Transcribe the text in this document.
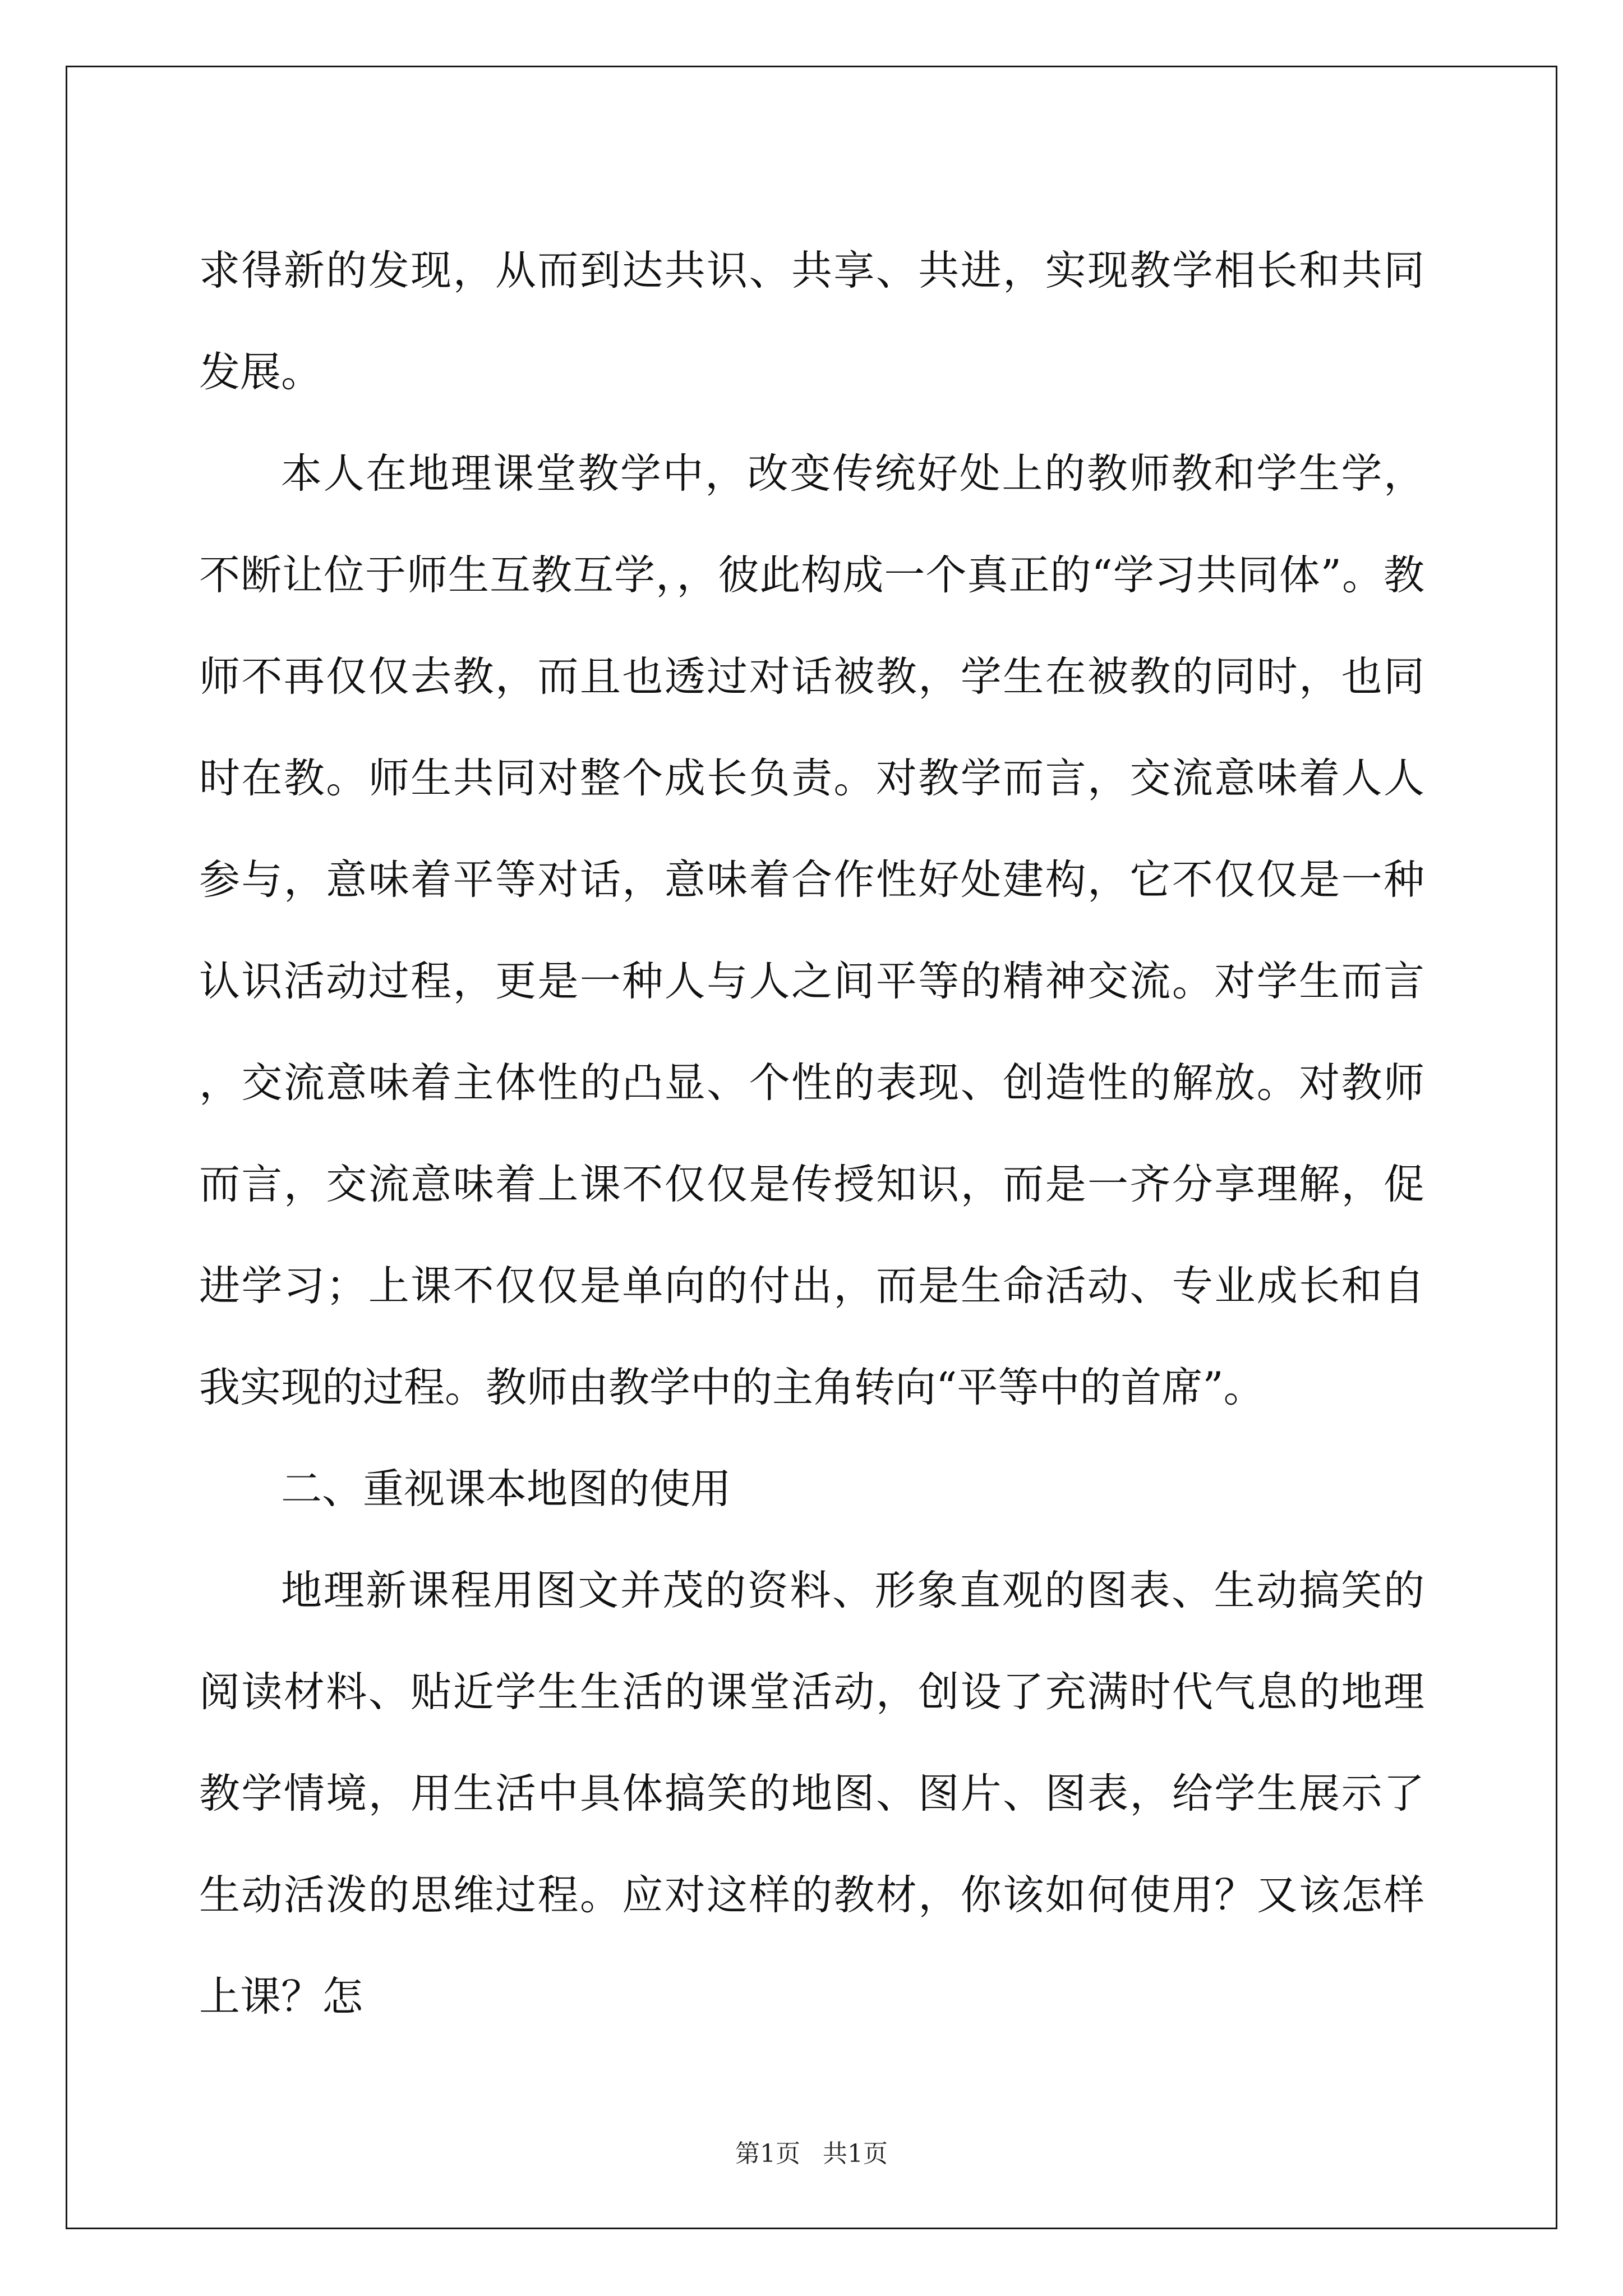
求得新的发现，从而到达共识、共享、共进，实现教学相长和共同发展。

本人在地理课堂教学中，改变传统好处上的教师教和学生学，不断让位于师生互教互学，，彼此构成一个真正的“学习共同体”。教师不再仅仅去教，而且也透过对话被教，学生在被教的同时，也同时在教。师生共同对整个成长负责。对教学而言，交流意味着人人参与，意味着平等对话，意味着合作性好处建构，它不仅仅是一种认识活动过程，更是一种人与人之间平等的精神交流。对学生而言，交流意味着主体性的凸显、个性的表现、创造性的解放。对教师而言，交流意味着上课不仅仅是传授知识，而是一齐分享理解，促进学习；上课不仅仅是单向的付出，而是生命活动、专业成长和自我实现的过程。教师由教学中的主角转向“平等中的首席”。

二、重视课本地图的使用

地理新课程用图文并茂的资料、形象直观的图表、生动搞笑的阅读材料、贴近学生生活的课堂活动，创设了充满时代气息的地理教学情境，用生活中具体搞笑的地图、图片、图表，给学生展示了生动活泼的思维过程。应对这样的教材，你该如何使用？又该怎样上课？怎

第1页 共1页
